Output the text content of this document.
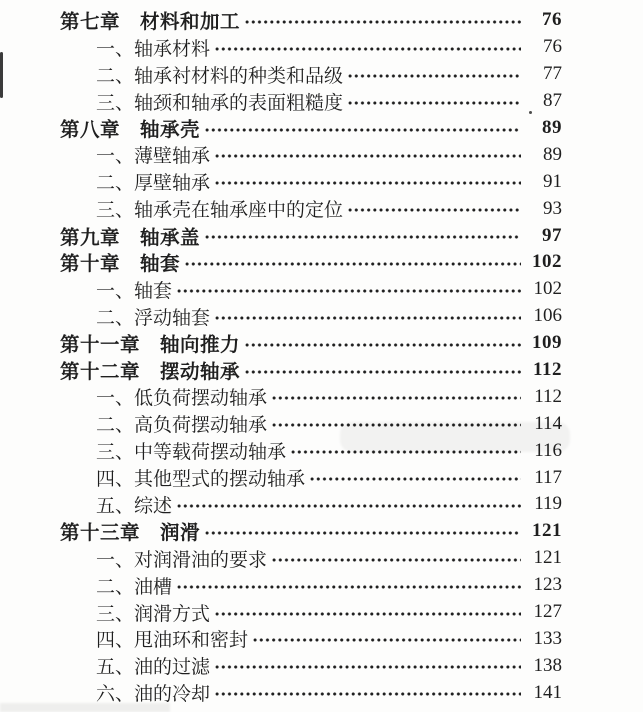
第七章 材料和加工	76
一、 轴承材料	76
二、 轴承衬材料的种类和品级	77
三、 轴颈和轴承的表面粗糙度	87
第八章 轴承壳	89
一、 薄壁轴承	89
二、 厚壁轴承	91
三、 轴承壳在轴承座中的定位	93
第九章 轴承盖	97
第十章 轴套	102
一、 轴套	102
二、 浮动轴套	106
第十一章 轴向推力	109
第十二章 摆动轴承	112
一、 低负荷摆动轴承	112
二、 高负荷摆动轴承	114
三、 中等载荷摆动轴承	116
四、 其他型式的摆动轴承	117
五、 综述	119
第十三章 润滑	121
一、 对润滑油的要求	121
二、 油槽	123
三、 润滑方式	127
四、 甩油环和密封	133
五、 油的过滤	138
六、 油的冷却	141
